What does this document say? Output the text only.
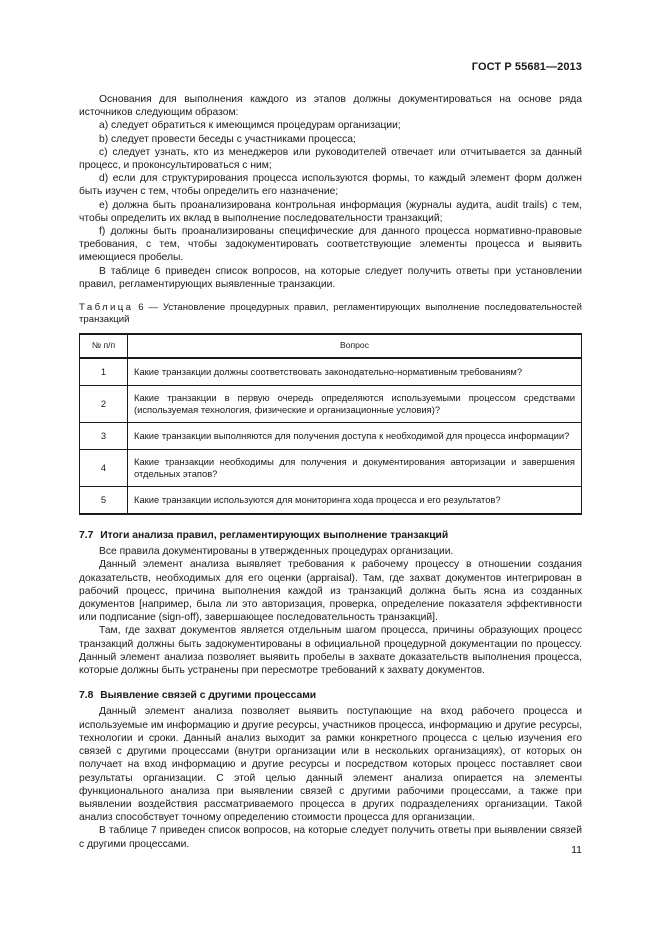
ГОСТ Р 55681—2013

Основания для выполнения каждого из этапов должны документироваться на основе ряда источников следующим образом:

а) следует обратиться к имеющимся процедурам организации;

b) следует провести беседы с участниками процесса;

c) следует узнать, кто из менеджеров или руководителей отвечает или отчитывается за данный процесс, и проконсультироваться с ним;

d) если для структурирования процесса используются формы, то каждый элемент форм должен быть изучен с тем, чтобы определить его назначение;

e) должна быть проанализирована контрольная информация (журналы аудита, audit trails) с тем, чтобы определить их вклад в выполнение последовательности транзакций;

f) должны быть проанализированы специфические для данного процесса нормативно-правовые требования, с тем, чтобы задокументировать соответствующие элементы процесса и выявить имеющиеся пробелы.

В таблице 6 приведен список вопросов, на которые следует получить ответы при установлении правил, регламентирующих выявленные транзакции.

Таблица 6 — Установление процедурных правил, регламентирующих выполнение последовательностей транзакций
№ п/п	Вопрос
1	Какие транзакции должны соответствовать законодательно-нормативным требованиям?
2	Какие транзакции в первую очередь определяются используемыми процессом средствами (используемая технология, физические и организационные условия)?
3	Какие транзакции выполняются для получения доступа к необходимой для процесса информации?
4	Какие транзакции необходимы для получения и документирования авторизации и завершения отдельных этапов?
5	Какие транзакции используются для мониторинга хода процесса и его результатов?
7.7 Итоги анализа правил, регламентирующих выполнение транзакций

Все правила документированы в утвержденных процедурах организации.

Данный элемент анализа выявляет требования к рабочему процессу в отношении создания доказательств, необходимых для его оценки (appraisal). Там, где захват документов интегрирован в рабочий процесс, причина выполнения каждой из транзакций должна быть ясна из созданных документов [например, была ли это авторизация, проверка, определение показателя эффективности или подписание (sign-off), завершающее последовательность транзакций].

Там, где захват документов является отдельным шагом процесса, причины образующих процесс транзакций должны быть задокументированы в официальной процедурной документации по процессу. Данный элемент анализа позволяет выявить пробелы в захвате доказательств выполнения процесса, которые должны быть устранены при пересмотре требований к захвату документов.

7.8 Выявление связей с другими процессами

Данный элемент анализа позволяет выявить поступающие на вход рабочего процесса и используемые им информацию и другие ресурсы, участников процесса, информацию и другие ресурсы, технологии и сроки. Данный анализ выходит за рамки конкретного процесса с целью изучения его связей с другими процессами (внутри организации или в нескольких организациях), от которых он получает на вход информацию и другие ресурсы и посредством которых процесс поставляет свои результаты организации. С этой целью данный элемент анализа опирается на элементы функционального анализа при выявлении связей с другими рабочими процессами, а также при выявлении воздействия рассматриваемого процесса в других подразделениях организации. Такой анализ способствует точному определению стоимости процесса для организации.

В таблице 7 приведен список вопросов, на которые следует получить ответы при выявлении связей с другими процессами.	11
